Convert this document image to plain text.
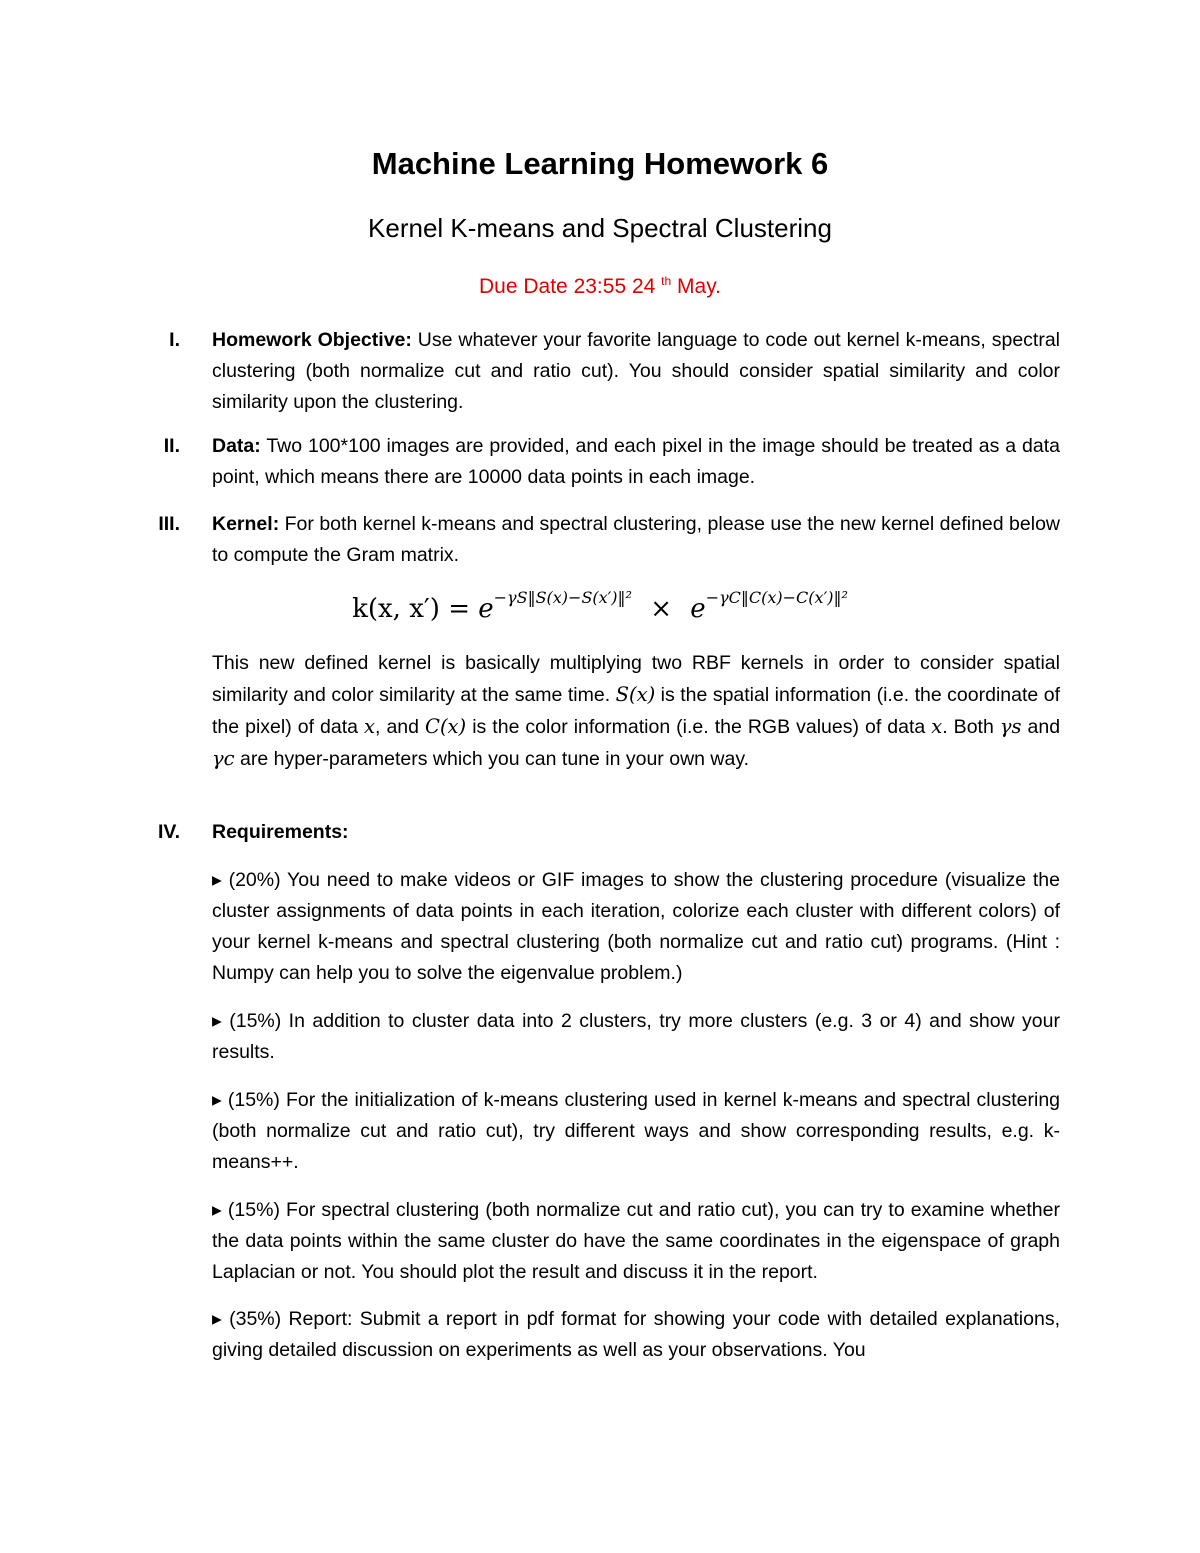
Machine Learning Homework 6
Kernel K-means and Spectral Clustering
Due Date 23:55 24 $^{th}$ May.
I. Homework Objective: Use whatever your favorite language to code out kernel k-means, spectral clustering (both normalize cut and ratio cut). You should consider spatial similarity and color similarity upon the clustering.
II. Data: Two 100*100 images are provided, and each pixel in the image should be treated as a data point, which means there are 10000 data points in each image.
III. Kernel: For both kernel k-means and spectral clustering, please use the new kernel defined below to compute the Gram matrix.
k(x, $x') = e^{-\gamma S‖S(x)-S(x')‖^2} \times e^{-\gamma C‖C(x)-C(x')‖^2}$
This new defined kernel is basically multiplying two RBF kernels in order to consider spatial similarity and color similarity at the same time. S(x) is the spatial information (i.e. the coordinate of the pixel) of data x, and C(x) is the color information (i.e. the RGB values) of data x. Both γs and γc are hyper-parameters which you can tune in your own way.
IV. Requirements:
▸ (20%) You need to make videos or GIF images to show the clustering procedure (visualize the cluster assignments of data points in each iteration, colorize each cluster with different colors) of your kernel k-means and spectral clustering (both normalize cut and ratio cut) programs. (Hint : Numpy can help you to solve the eigenvalue problem.)
▸ (15%) In addition to cluster data into 2 clusters, try more clusters (e.g. 3 or 4) and show your results.
▸ (15%) For the initialization of k-means clustering used in kernel k-means and spectral clustering (both normalize cut and ratio cut), try different ways and show corresponding results, e.g. k-means++.
▸ (15%) For spectral clustering (both normalize cut and ratio cut), you can try to examine whether the data points within the same cluster do have the same coordinates in the eigenspace of graph Laplacian or not. You should plot the result and discuss it in the report.
▸ (35%) Report: Submit a report in pdf format for showing your code with detailed explanations, giving detailed discussion on experiments as well as your observations. You
